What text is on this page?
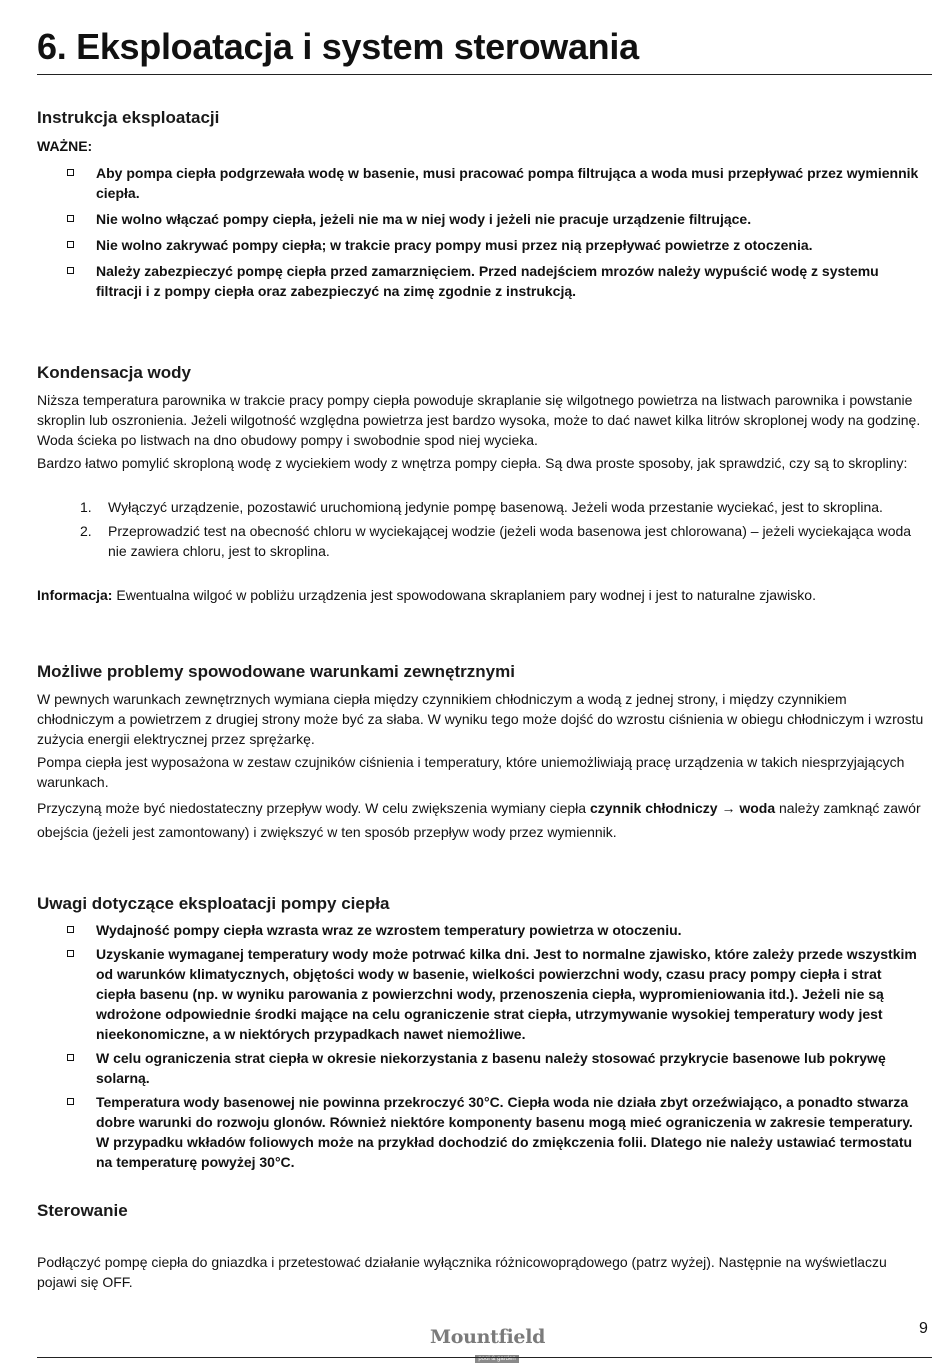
6. Eksploatacja i system sterowania
Instrukcja eksploatacji
WAŻNE:
Aby pompa ciepła podgrzewała wodę w basenie, musi pracować pompa filtrująca a woda musi przepływać przez wymiennik ciepła.
Nie wolno włączać pompy ciepła, jeżeli nie ma w niej wody i jeżeli nie pracuje urządzenie filtrujące.
Nie wolno zakrywać pompy ciepła; w trakcie pracy pompy musi przez nią przepływać powietrze z otoczenia.
Należy zabezpieczyć pompę ciepła przed zamarznięciem. Przed nadejściem mrozów należy wypuścić wodę z systemu filtracji i z pompy ciepła oraz zabezpieczyć na zimę zgodnie z instrukcją.
Kondensacja wody

Niższa temperatura parownika w trakcie pracy pompy ciepła powoduje skraplanie się wilgotnego powietrza na listwach parownika i powstanie skroplin lub oszronienia. Jeżeli wilgotność względna powietrza jest bardzo wysoka, może to dać nawet kilka litrów skroplonej wody na godzinę. Woda ścieka po listwach na dno obudowy pompy i swobodnie spod niej wycieka.

Bardzo łatwo pomylić skroploną wodę z wyciekiem wody z wnętrza pompy ciepła. Są dwa proste sposoby, jak sprawdzić, czy są to skropliny:

1. Wyłączyć urządzenie, pozostawić uruchomioną jedynie pompę basenową. Jeżeli woda przestanie wyciekać, jest to skroplina.
2. Przeprowadzić test na obecność chloru w wyciekającej wodzie (jeżeli woda basenowa jest chlorowana) – jeżeli wyciekająca woda nie zawiera chloru, jest to skroplina.

Informacja: Ewentualna wilgoć w pobliżu urządzenia jest spowodowana skraplaniem pary wodnej i jest to naturalne zjawisko.

Możliwe problemy spowodowane warunkami zewnętrznymi

W pewnych warunkach zewnętrznych wymiana ciepła między czynnikiem chłodniczym a wodą z jednej strony, i między czynnikiem chłodniczym a powietrzem z drugiej strony może być za słaba. W wyniku tego może dojść do wzrostu ciśnienia w obiegu chłodniczym i wzrostu zużycia energii elektrycznej przez sprężarkę.

Pompa ciepła jest wyposażona w zestaw czujników ciśnienia i temperatury, które uniemożliwiają pracę urządzenia w takich niesprzyjających warunkach.

Przyczyną może być niedostateczny przepływ wody. W celu zwiększenia wymiany ciepła czynnik chłodniczy → woda należy zamknąć zawór obejścia (jeżeli jest zamontowany) i zwiększyć w ten sposób przepływ wody przez wymiennik.

Uwagi dotyczące eksploatacji pompy ciepła
Wydajność pompy ciepła wzrasta wraz ze wzrostem temperatury powietrza w otoczeniu.
Uzyskanie wymaganej temperatury wody może potrwać kilka dni. Jest to normalne zjawisko, które zależy przede wszystkim od warunków klimatycznych, objętości wody w basenie, wielkości powierzchni wody, czasu pracy pompy ciepła i strat ciepła basenu (np. w wyniku parowania z powierzchni wody, przenoszenia ciepła, wypromieniowania itd.). Jeżeli nie są wdrożone odpowiednie środki mające na celu ograniczenie strat ciepła, utrzymywanie wysokiej temperatury wody jest nieekonomiczne, a w niektórych przypadkach nawet niemożliwe.
W celu ograniczenia strat ciepła w okresie niekorzystania z basenu należy stosować przykrycie basenowe lub pokrywę solarną.
Temperatura wody basenowej nie powinna przekroczyć 30°C. Ciepła woda nie działa zbyt orzeźwiająco, a ponadto stwarza dobre warunki do rozwoju glonów. Również niektóre komponenty basenu mogą mieć ograniczenia w zakresie temperatury. W przypadku wkładów foliowych może na przykład dochodzić do zmiękczenia folii. Dlatego nie należy ustawiać termostatu na temperaturę powyżej 30°C.
Sterowanie

Podłączyć pompę ciepła do gniazdka i przetestować działanie wyłącznika różnicowoprądowego (patrz wyżej). Następnie na wyświetlaczu pojawi się OFF.

9
Mountfield
pool & garden
